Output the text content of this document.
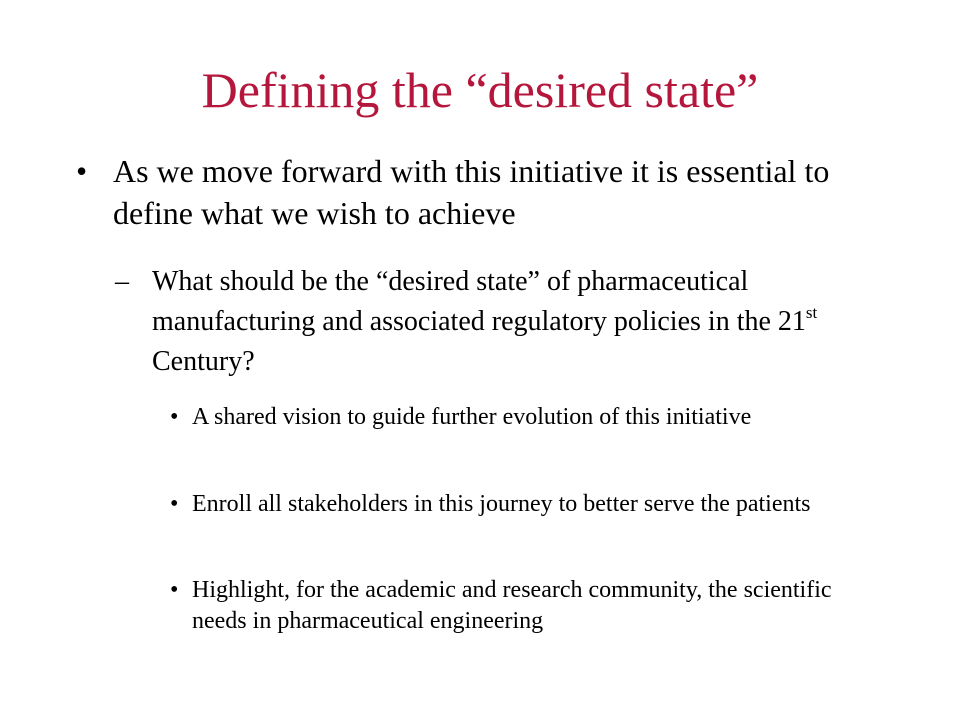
Defining the “desired state”
• As we move forward with this initiative it is essential to define what we wish to achieve
– What should be the “desired state” of pharmaceutical manufacturing and associated regulatory policies in the 21st Century?
• A shared vision to guide further evolution of this initiative
• Enroll all stakeholders in this journey to better serve the patients
• Highlight, for the academic and research community, the scientific needs in pharmaceutical engineering
